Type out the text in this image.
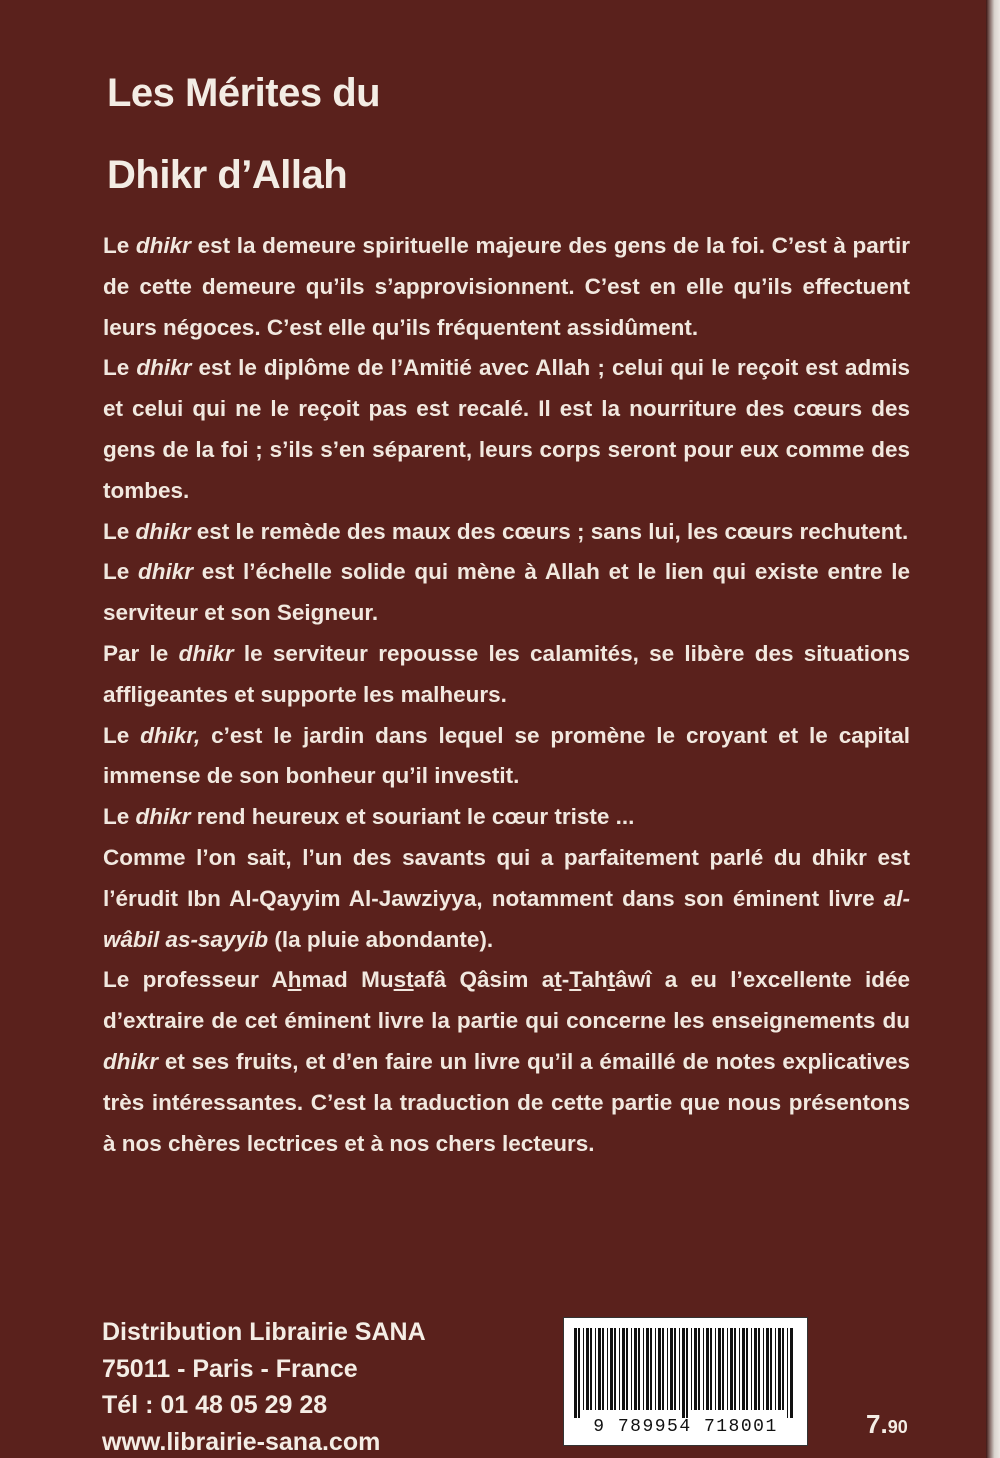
Les Mérites du
Dhikr d’Allah

Le dhikr est la demeure spirituelle majeure des gens de la foi. C’est à partir de cette demeure qu’ils s’approvisionnent. C’est en elle qu’ils effectuent leurs négoces. C’est elle qu’ils fréquentent assidûment.

Le dhikr est le diplôme de l’Amitié avec Allah ; celui qui le reçoit est admis et celui qui ne le reçoit pas est recalé. Il est la nourriture des cœurs des gens de la foi ; s’ils s’en séparent, leurs corps seront pour eux comme des tombes.

Le dhikr est le remède des maux des cœurs ; sans lui, les cœurs rechutent.

Le dhikr est l’échelle solide qui mène à Allah et le lien qui existe entre le serviteur et son Seigneur.

Par le dhikr le serviteur repousse les calamités, se libère des situations affligeantes et supporte les malheurs.

Le dhikr, c’est le jardin dans lequel se promène le croyant et le capital immense de son bonheur qu’il investit.

Le dhikr rend heureux et souriant le cœur triste ...

Comme l’on sait, l’un des savants qui a parfaitement parlé du dhikr est l’érudit Ibn Al-Qayyim Al-Jawziyya, notamment dans son éminent livre al-wâbil as-sayyib (la pluie abondante).

Le professeur Ahmad Mustafâ Qâsim at-Tahtâwî a eu l’excellente idée d’extraire de cet éminent livre la partie qui concerne les enseignements du dhikr et ses fruits, et d’en faire un livre qu’il a émaillé de notes explicatives très intéressantes. C’est la traduction de cette partie que nous présentons à nos chères lectrices et à nos chers lecteurs.

Distribution Librairie SANA
75011 - Paris - France
Tél : 01 48 05 29 28
www.librairie-sana.com
9 789954 718001	7.90
